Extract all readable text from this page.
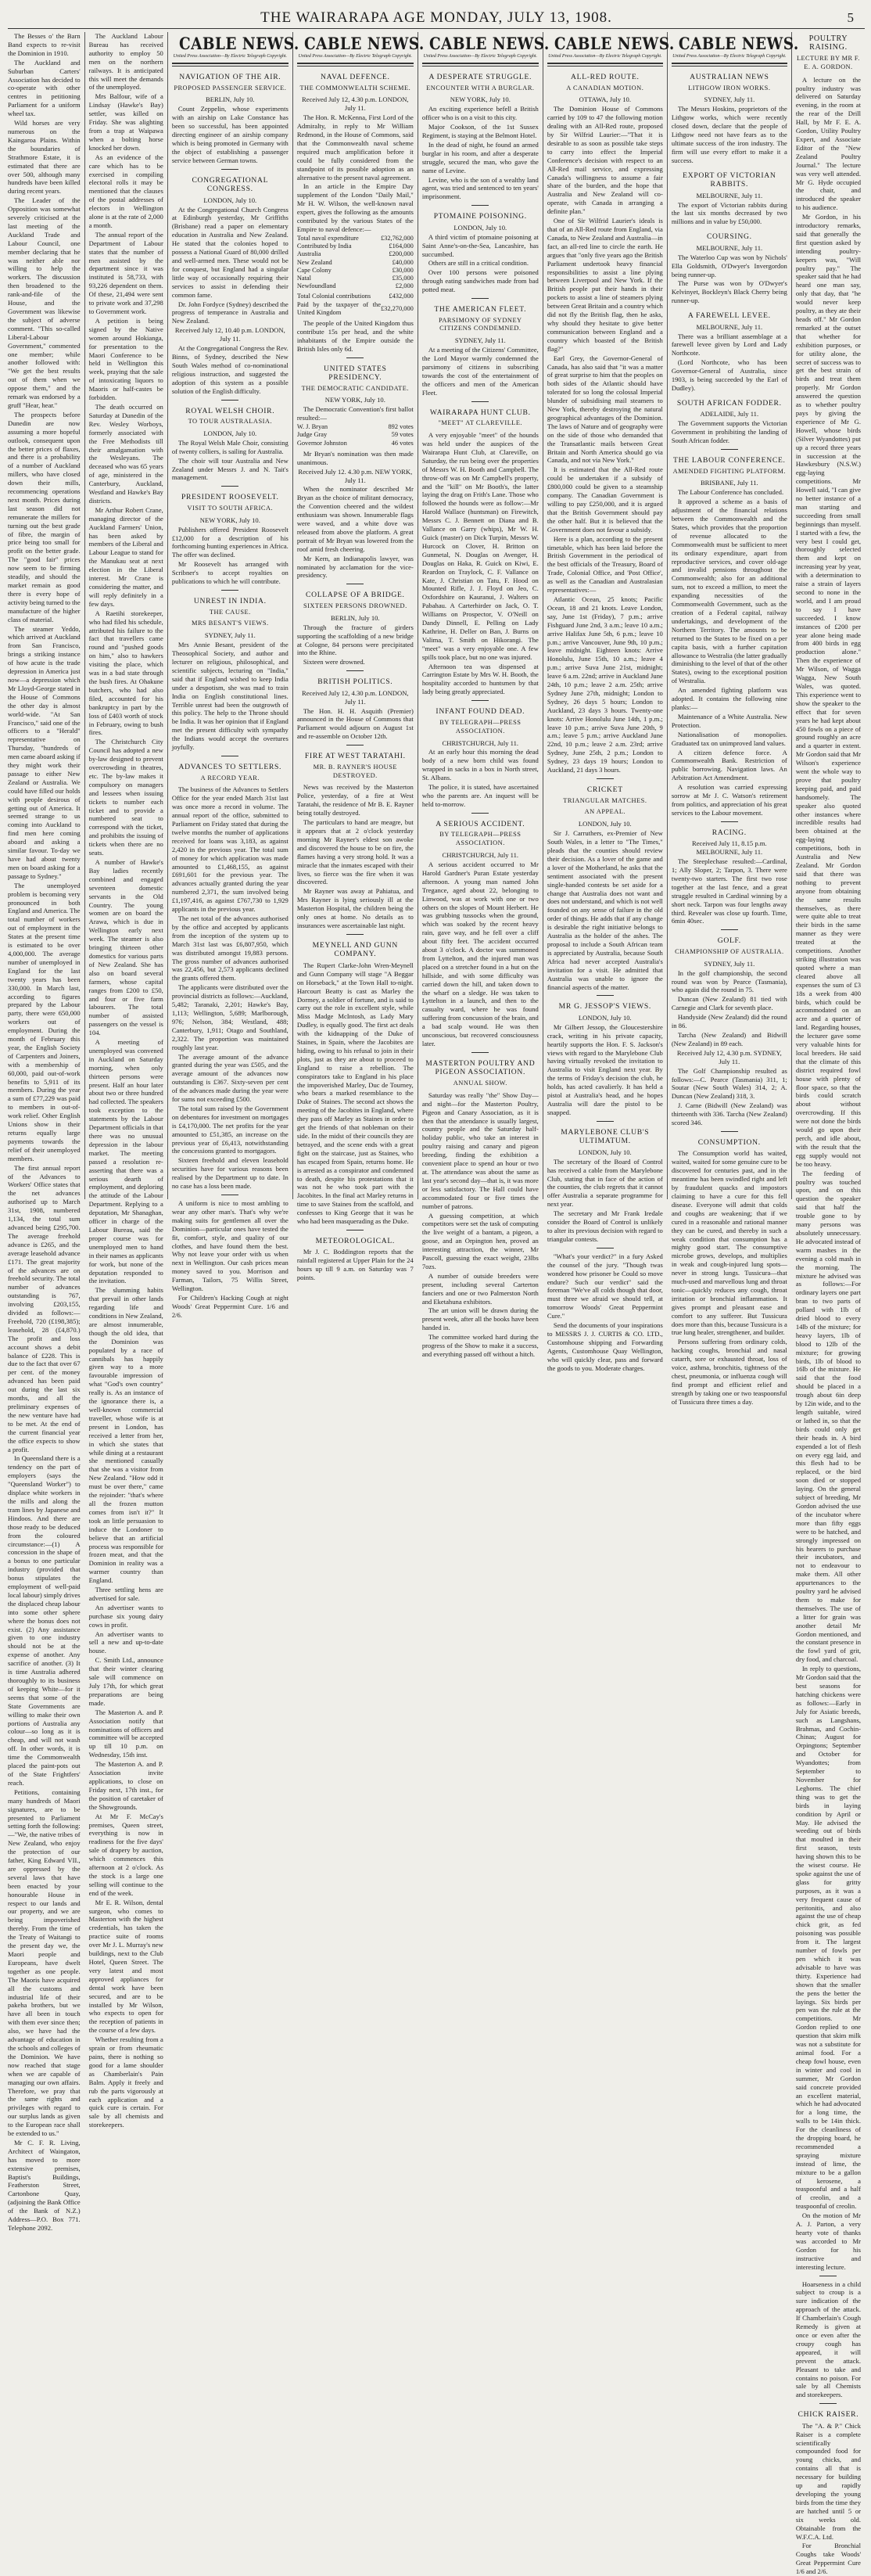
THE WAIRARAPA AGE MONDAY, JULY 13, 1908.	5

The Besses o' the Barn Band expects to re-visit the Dominion in 1910.

The Auckland and Suburban Carters' Association has decided to co-operate with other centres in petitioning Parliament for a uniform wheel tax.

Wild horses are very numerous on the Kaingaroa Plains. Within the boundaries of Strathmore Estate, it is estimated that there are over 500, although many hundreds have been killed during recent years.

The Leader of the Opposition was somewhat severely criticised at the last meeting of the Auckland Trade and Labour Council, one member declaring that he was neither able nor willing to help the workers. The discussion then broadened to the rank-and-file of the House, and the Government was likewise the subject of adverse comment. "This so-called Liberal-Labour Government," commented one member; while another followed with: "We get the best results out of them when we oppose them," and the remark was endorsed by a gruff "Hear, hear."

The prospects before Dunedin are now assuming a more hopeful outlook, consequent upon the better prices of flaxes, and there is a probability of a number of Auckland millers, who have closed down their mills, recommencing operations next month. Prices during last season did not remunerate the millers for turning out the best grade of fibre, the margin of price being too small for profit on the better grade. The "good fair" prices now seem to be firming steadily, and should the market remain as good there is every hope of activity being turned to the manufacture of the higher class of material.

The steamer Yeddo, which arrived at Auckland from San Francisco, brings a striking instance of how acute is the trade depression in America just now—a depression which Mr Lloyd-George stated in the House of Commons the other day is almost world-wide. "At San Francisco," said one of the officers to a "Herald" representative on Thursday, "hundreds of men came aboard asking if they might work their passage to either New Zealand or Australia. We could have filled our holds with people desirous of getting out of America. It seemed strange to us coming into Auckland to find men here coming aboard and asking a similar favour. To-day we have had about twenty men on board asking for a passage to Sydney."

The unemployed problem is becoming very pronounced in both England and America. The total number of workers out of employment in the States at the present time is estimated to be over 4,000,000. The average number of unemployed in England for the last twenty years has been 330,000. In March last, according to figures prepared by the Labour party, there were 650,000 workers out of employment. During the month of February this year, the English Society of Carpenters and Joiners, with a membership of 60,000, paid out-of-work benefits to 5,911 of its members. During the year a sum of £77,229 was paid to members in out-of-work relief. Other English Unions show in their returns equally large payments towards the relief of their unemployed members.

The first annual report of the Advances to Workers' Office states that the net advances authorised up to March 31st, 1908, numbered 1,134, the total sum advanced being £295,700. The average freehold advance is £265, and the average leasehold advance £171. The great majority of the advances are on freehold security. The total number of advances outstanding is 767, involving £203,155, divided as follows:—Freehold, 720 (£198,385); leasehold, 28 (£4,870.) The profit and loss account shows a debit balance of £228. This is due to the fact that over 67 per cent. of the money advanced has been paid out during the last six months, and all the preliminary expenses of the new venture have had to be met. At the end of the current financial year the office expects to show a profit.

In Queensland there is a tendency on the part of employers (says the "Queensland Worker") to displace white workers in the mills and along the tram lines by Japanese and Hindoos. And there are those ready to be deduced from the coloured circumstance:—(1) A concession in the shape of a bonus to one particular industry (provided that bonus stipulates the employment of well-paid local labour) simply drives the displaced cheap labour into some other sphere where the bonus does not exist. (2) Any assistance given to one industry should not be at the expense of another. Any sacrifice of another. (3) It is time Australia adhered thoroughly to its business of keeping White—for it seems that some of the State Governments are willing to make their own portions of Australia any colour—so long as it is cheap, and will not wash off. In other words, it is time the Commonwealth placed the paint-pots out of the State Frightfers' reach.

Petitions, containing many hundreds of Maori signatures, are to be presented to Parliament setting forth the following:—"We, the native tribes of New Zealand, who enjoy the protection of our father, King Edward VII., are oppressed by the several laws that have been enacted by your honourable House in respect to our lands and our property, and we are being impoverished thereby. From the time of the Treaty of Waitangi to the present day we, the Maori people and Europeans, have dwelt together as one people. The Maoris have acquired all the customs and industrial life of their pakeha brothers, but we have all been in touch with them ever since then; also, we have had the advantage of education in the schools and colleges of the Dominion. We have now reached that stage when we are capable of managing our own affairs. Therefore, we pray that the same rights and privileges with regard to our surplus lands as given to the European race shall be extended to us."

Mr C. F. R. Living, Architect of Waingaton, has moved to more extensive premises, Baptist's Buildings, Featherston Street, Cartonbone Quay, (adjoining the Bank Office of the Bank of N.Z.) Address—P.O. Box 771. Telephone 2092.

The Auckland Labour Bureau has received authority to employ 50 men on the northern railways. It is anticipated this will meet the demands of the unemployed.

Mrs Balfour, wife of a Lindsay (Hawke's Bay) settler, was killed on Friday. She was alighting from a trap at Waipawa when a bolting horse knocked her down.

As an evidence of the care which has to be exercised in compiling electoral rolls it may be mentioned that the clauses of the postal addresses of electors in Wellington alone is at the rate of 2,000 a month.

The annual report of the Department of Labour states that the number of men assisted by the department since it was instituted is 58,733, with 93,226 dependent on them. Of these, 21,494 were sent to private work and 37,298 to Government work.

A petition is being signed by the Native women around Hokianga, for presentation to the Maori Conference to be held in Wellington this week, praying that the sale of intoxicating liquors to Maoris or half-castes be forbidden.

The death occurred on Saturday at Dunedin of the Rev. Wesley Worboys, formerly associated with the Free Methodists till their amalgamation with the Wesleyans. The deceased who was 65 years of age, ministered in the Canterbury, Auckland, Westland and Hawke's Bay districts.

Mr Arthur Robert Crane, managing director of the Auckland Farmers' Union, has been asked by members of the Liberal and Labour League to stand for the Manukau seat at next election in the Liberal interest. Mr Crane is considering the matter, and will reply definitely in a few days.

A Raetihi storekeeper, who had filed his schedule, attributed his failure to the fact that travellers came round and "pushed goods on him," also to hawkers visiting the place, which was in a bad state through the bush fires. At Ohakune butchers, who had also filed, accounted for his bankruptcy in part by the loss of £403 worth of stock in February, owing to bush fires.

The Christchurch City Council has adopted a new by-law designed to prevent overcrowding in theatres, etc. The by-law makes it compulsory on managers and lessees when issuing tickets to number each ticket and to provide a numbered seat to correspond with the ticket, and prohibits the issuing of tickets when there are no seats.

A number of Hawke's Bay ladies recently combined and engaged seventeen domestic servants in the Old Country. The young women are on board the Arawa, which is due in Wellington early next week. The steamer is also bringing thirteen other domestics for various parts of New Zealand. She has also on board several farmers, whose capital ranges from £200 to £50, and four or five farm labourers. The total number of assisted passengers on the vessel is 104.

A meeting of unemployed was convened in Auckland on Saturday morning, when only thirteen persons were present. Half an hour later about two or three hundred had collected. The speakers took exception to the statements by the Labour Department officials in that there was no unusual depression in the labour market. The meeting passed a resolution re-asserting that there was a serious dearth of employment, and deploring the attitude of the Labour Department. Replying to a deputation, Mr Shanaghan, officer in charge of the Labour Bureau, said the proper course was for unemployed men to hand in their names as applicants for work, but none of the deputation responded to the invitation.

The slumming habits that prevail in other lands regarding life and conditions in New Zealand, are almost innumerable, though the old idea, that the Dominion was populated by a race of cannibals has happily given way to a more favourable impression of what "God's own country" really is. As an instance of the ignorance there is, a well-known commercial traveller, whose wife is at present in London, has received a letter from her, in which she states that while dining at a restaurant she mentioned casually that she was a visitor from New Zealand. "How odd it must be over there," came the rejoinder: "that's where all the frozen mutton comes from isn't it?" It took an little persuasion to induce the Londoner to believe that an artificial process was responsible for frozen meat, and that the Dominion in reality was a warmer country than England.

Three settling hens are advertised for sale.

An advertiser wants to purchase six young dairy cows in profit.

An advertiser wants to sell a new and up-to-date house.

C. Smith Ltd., announce that their winter clearing sale will commence on July 17th, for which great preparations are being made.

The Masterton A. and P. Association notify that nominations of officers and committee will be accepted up till 10 p.m. on Wednesday, 15th inst.

The Masterton A. and P. Association invite applications, to close on Friday next, 17th inst., for the position of caretaker of the Showgrounds.

At Mr F. McCay's premises, Queen street, everything is now in readiness for the five days' sale of drapery by auction, which commences this afternoon at 2 o'clock. As the stock is a large one selling will continue to the end of the week.

Mr E. R. Wilson, dental surgeon, who comes to Masterton with the highest credentials, has taken the practice suite of rooms over Mr J. L. Murray's new buildings, next to the Club Hotel, Queen Street. The very latest and most approved appliances for dental work have been secured, and are to be installed by Mr Wilson, who expects to open for the reception of patients in the course of a few days.

Whether resulting from a sprain or from rheumatic pains, there is nothing so good for a lame shoulder as Chamberlain's Pain Balm. Apply it freely and rub the parts vigorously at each application and a quick cure is certain. For sale by all chemists and storekeepers.

CABLE NEWS.
United Press Association—By Electric Telegraph Copyright.
NAVIGATION OF THE AIR.
PROPOSED PASSENGER SERVICE.

BERLIN, July 10.

Count Zeppelin, whose experiments with an airship on Lake Constance has been so successful, has been appointed directing engineer of an airship company which is being promoted in Germany with the object of establishing a passenger service between German towns.

CONGREGATIONAL CONGRESS.

LONDON, July 10.

At the Congregational Church Congress at Edinburgh yesterday, Mr Griffiths (Brisbane) read a paper on elementary education in Australia and New Zealand. He stated that the colonies hoped to possess a National Guard of 80,000 drilled and well-armed men. These would not be for conquest, but England had a singular little way of occasionally requiring their services to assist in defending their common fame.

Dr. John Fordyce (Sydney) described the progress of temperance in Australia and New Zealand.

Received July 12, 10.40 p.m. LONDON, July 11.

At the Congregational Congress the Rev. Binns, of Sydney, described the New South Wales method of co-nominational religious instruction, and suggested the adoption of this system as a possible solution of the English difficulty.

ROYAL WELSH CHOIR.
TO TOUR AUSTRALASIA.

LONDON, July 10.

The Royal Welsh Male Choir, consisting of twenty colliers, is sailing for Australia.

The choir will tour Australia and New Zealand under Messrs J. and N. Tait's management.

PRESIDENT ROOSEVELT.
VISIT TO SOUTH AFRICA.

NEW YORK, July 10.

Publishers offered President Roosevelt £12,000 for a description of his forthcoming hunting experiences in Africa. The offer was declined.

Mr Roosevelt has arranged with Scribner's to accept royalties on publications to which he will contribute.

UNREST IN INDIA.
THE CAUSE.
MRS BESANT'S VIEWS.

SYDNEY, July 11.

Mrs Annie Besant, president of the Theosophical Society, and author and lecturer on religious, philosophical, and scientific subjects, lecturing on "India," said that if England wished to keep India under a despotism, she was mad to train India on English constitutional lines. Terrible unrest had been the outgrowth of this policy. The help to the Throne should be India. It was her opinion that if England met the present difficulty with sympathy the Indians would accept the overtures joyfully.

ADVANCES TO SETTLERS.
A RECORD YEAR.

The business of the Advances to Settlers Office for the year ended March 31st last was once more a record in volume. The annual report of the office, submitted to Parliament on Friday stated that during the twelve months the number of applications received for loans was 3,183, as against 2,420 in the previous year. The total sum of money for which application was made amounted to £1,468,155, as against £691,601 for the previous year. The advances actually granted during the year numbered 2,371, the sum involved being £1,197,416, as against £767,730 to 1,929 applicants in the previous year.

The net total of the advances authorised by the office and accepted by applicants from the inception of the system up to March 31st last was £6,807,950, which was distributed amongst 19,883 persons. The gross number of advances authorised was 22,456, but 2,573 applicants declined the grants offered them.

The applicants were distributed over the provincial districts as follows:—Auckland, 5,482; Taranaki, 2,201; Hawke's Bay, 1,113; Wellington, 5,689; Marlborough, 976; Nelson, 384; Westland, 488; Canterbury, 1,911; Otago and Southland, 2,322. The proportion was maintained roughly last year.

The average amount of the advance granted during the year was £505, and the average amount of the advances now outstanding is £367. Sixty-seven per cent of the advances made during the year were for sums not exceeding £500.

The total sum raised by the Government on debentures for investment on mortgages is £4,170,000. The net profits for the year amounted to £51,385, an increase on the previous year of £6,413, notwithstanding the concessions granted to mortgagors.

Sixteen freehold and eleven leasehold securities have for various reasons been realised by the Department up to date. In no case has a loss been made.

A uniform is nice to most ambling to wear any other man's. That's why we're making suits for gentlemen all over the Dominion—particular ones have tested the fit, comfort, style, and quality of our clothes, and have found them the best. Why not leave your order with us when next in Wellington. Our cash prices mean money saved to you. Morrison and Farman, Tailors, 75 Willis Street, Wellington.

For Children's Hacking Cough at night Woods' Great Peppermint Cure. 1/6 and 2/6.

CABLE NEWS.
United Press Association—By Electric Telegraph Copyright.
NAVAL DEFENCE.
THE COMMONWEALTH SCHEME.

Received July 12, 4.30 p.m. LONDON, July 11.

The Hon. R. McKenna, First Lord of the Admiralty, in reply to Mr William Redmond, in the House of Commons, said that the Commonwealth naval scheme required much amplification before it could be fully considered from the standpoint of its possible adoption as an alternative to the present naval agreement.

In an article in the Empire Day supplement of the London "Daily Mail," Mr H. W. Wilson, the well-known naval expert, gives the following as the amounts contributed by the various States of the Empire to naval defence:—

Total naval expenditure	£32,762,000
Contributed by India	£164,000
Australia	£200,000
New Zealand	£40,000
Cape Colony	£30,000
Natal	£35,000
Newfoundland	£2,000
Total Colonial contributions	£432,000
Paid by the taxpayer of the United Kingdom	£32,270,000

The people of the United Kingdom thus contribute 15s per head, and the white inhabitants of the Empire outside the British Isles only 6d.

UNITED STATES PRESIDENCY.
THE DEMOCRATIC CANDIDATE.

NEW YORK, July 10.

The Democratic Convention's first ballot resulted:—

W. J. Bryan	892 votes
Judge Gray	59 votes
Governor Johnston	46 votes

Mr Bryan's nomination was then made unanimous.

Received July 12. 4.30 p.m. NEW YORK, July 11.

When the nominator described Mr Bryan as the choice of militant democracy, the Convention cheered and the wildest enthusiasm was shown. Innumerable flags were waved, and a white dove was released from above the platform. A great portrait of Mr Bryan was lowered from the roof amid fresh cheering.

Mr Kern, an Indianapolis lawyer, was nominated by acclamation for the vice-presidency.

COLLAPSE OF A BRIDGE.
SIXTEEN PERSONS DROWNED.

BERLIN, July 10.

Through the fracture of girders supporting the scaffolding of a new bridge at Cologne, 84 persons were precipitated into the Rhine.

Sixteen were drowned.

BRITISH POLITICS.

Received July 12, 4.30 p.m. LONDON, July 11.

The Hon. H. H. Asquith (Premier) announced in the House of Commons that Parliament would adjourn on August 1st and re-assemble on October 12th.

FIRE AT WEST TARATAHI.
MR. B. RAYNER'S HOUSE DESTROYED.

News was received by the Masterton Police, yesterday, of a fire at West Taratahi, the residence of Mr B. E. Rayner being totally destroyed.

The particulars to hand are meagre, but it appears that at 2 o'clock yesterday morning Mr Rayner's eldest son awoke and discovered the house to be on fire, the flames having a very strong hold. It was a miracle that the inmates escaped with their lives, so fierce was the fire when it was discovered.

Mr Rayner was away at Pahiatua, and Mrs Rayner is lying seriously ill at the Masterton Hospital, the children being the only ones at home. No details as to insurances were ascertainable last night.

MEYNELL AND GUNN COMPANY.

The Rupert Clarke-John Wren-Meynell and Gunn Company will stage "A Beggar on Horseback," at the Town Hall to-night. Harcourt Beatty is cast as Marley the Dormey, a soldier of fortune, and is said to carry out the role in excellent style, while Miss Madge McIntosh, as Lady Mary Dudley, is equally good. The first act deals with the kidnapping of the Duke of Staines, in Spain, where the Jacobites are hiding, owing to his refusal to join in their plots, just as they are about to proceed to England to raise a rebellion. The conspirators take to England in his place the impoverished Marley, Duc de Tourney, who bears a marked resemblance to the Duke of Staines. The second act shows the meeting of the Jacobites in England, where they pass off Marley as Staines in order to get the friends of that nobleman on their side. In the midst of their councils they are betrayed, and the scene ends with a great fight on the staircase, just as Staines, who has escaped from Spain, returns home. He is arrested as a conspirator and condemned to death, despite his protestations that it was not he who took part with the Jacobites. In the final act Marley returns in time to save Staines from the scaffold, and confesses to King George that it was he who had been masquerading as the Duke.

METEOROLOGICAL.

Mr J. C. Boddington reports that the rainfall registered at Upper Plain for the 24 hours up till 9 a.m. on Saturday was 7 points.

CABLE NEWS.
United Press Association—By Electric Telegraph Copyright.
A DESPERATE STRUGGLE.
ENCOUNTER WITH A BURGLAR.

NEW YORK, July 10.

An exciting experience befell a British officer who is on a visit to this city.

Major Cookson, of the 1st Sussex Regiment, is staying at the Belmont Hotel.

In the dead of night, he found an armed burglar in his room, and after a desperate struggle, secured the man, who gave the name of Levine.

Levine, who is the son of a wealthy land agent, was tried and sentenced to ten years' imprisonment.

PTOMAINE POISONING.

LONDON, July 10.

A third victim of ptomaine poisoning at Saint Anne's-on-the-Sea, Lancashire, has succumbed.

Others are still in a critical condition.

Over 100 persons were poisoned through eating sandwiches made from bad potted meat.

THE AMERICAN FLEET.
PARSIMONY OF SYDNEY CITIZENS CONDEMNED.

SYDNEY, July 11.

At a meeting of the Citizens' Committee, the Lord Mayor warmly condemned the parsimony of citizens in subscribing towards the cost of the entertainment of the officers and men of the American Fleet.

WAIRARAPA HUNT CLUB.
"MEET" AT CLAREVILLE.

A very enjoyable "meet" of the hounds was held under the auspices of the Wairarapa Hunt Club, at Clareville, on Saturday, the run being over the properties of Messrs W. H. Booth and Campbell. The throw-off was on Mr Campbell's property, and the "kill" on Mr Booth's, the latter laying the drag on Frith's Lane. Those who followed the hounds were as follow:—Mr Harold Wallace (huntsman) on Firewitch, Messrs C. J. Bennett on Diana and B. Vallance on Garry (whips), Mr W. H. Guick (master) on Dick Turpin, Messrs W. Hurcock on Clover, H. Britton on Gunmetal, N. Douglas on Avenger, H. Douglas on Haka, R. Guick on Kiwi, E. Reardon on Traylock, C. F. Vallance on Kate, J. Christian on Tatu, F. Hood on Mounted Rifle, J. J. Floyd on Jeo, C. Oxfordshire on Kauranui, J. Walters on Pabahau. A Carterhirder on Jack, O. T. Williams on Prospector, V. O'Neill on Dandy Dinnell, E. Pelling on Lady Kathrine, H. Deller on Ban, J. Burns on Valima, T. Smith on Hikorangi. The "meet" was a very enjoyable one. A few spills took place, but no one was injured.

Afternoon tea was dispensed at Carrington Estate by Mrs W. H. Booth, the hospitality accorded to huntsmen by that lady being greatly appreciated.

INFANT FOUND DEAD.
BY TELEGRAPH—PRESS ASSOCIATION.

CHRISTCHURCH, July 11.

At an early hour this morning the dead body of a new born child was found wrapped in sacks in a box in North street, St. Albans.

The police, it is stated, have ascertained who the parents are. An inquest will be held to-morrow.

A SERIOUS ACCIDENT.
BY TELEGRAPH—PRESS ASSOCIATION.

CHRISTCHURCH, July 11.

A serious accident occurred to Mr Harold Gardner's Puran Estate yesterday afternoon. A young man named John Tregance, aged about 22, belonging to Linwood, was at work with one or two others on the slopes of Mount Herbert. He was grubbing tussocks when the ground, which was soaked by the recent heavy rain, gave way, and he fell over a cliff about fifty feet. The accident occurred about 3 o'clock. A doctor was summoned from Lyttelton, and the injured man was placed on a stretcher found in a hut on the hillside, and with some difficulty was carried down the hill, and taken down to the wharf on a sledge. He was taken to Lyttelton in a launch, and then to the casualty ward, where he was found suffering from concussion of the brain, and a bad scalp wound. He was then unconscious, but recovered consciousness later.

MASTERTON POULTRY AND PIGEON ASSOCIATION.
ANNUAL SHOW.

Saturday was really "the" Show Day—and night—for the Masterton Poultry, Pigeon and Canary Association, as it is then that the attendance is usually largest, country people and the Saturday half-holiday public, who take an interest in poultry raising and canary and pigeon breeding, finding the exhibition a convenient place to spend an hour or two at. The attendance was about the same as last year's second day—that is, it was more or less satisfactory. The Hall could have accommodated four or five times the number of patrons.

A guessing competition, at which competitors were set the task of computing the live weight of a bantam, a pigeon, a goose, and an Orpington hen, proved an interesting attraction, the winner, Mr Pascoll, guessing the exact weight, 23lbs 7ozs.

A number of outside breeders were present, including several Carterton fanciers and one or two Palmerston North and Eketahuna exhibitors.

The art union will be drawn during the present week, after all the books have been handed in.

The committee worked hard during the progress of the Show to make it a success, and everything passed off without a hitch.

CABLE NEWS.
United Press Association—By Electric Telegraph Copyright.
ALL-RED ROUTE.
A CANADIAN MOTION.

OTTAWA, July 10.

The Dominion House of Commons carried by 109 to 47 the following motion dealing with an All-Red route, proposed by Sir Wilfrid Laurier:—"That it is desirable to as soon as possible take steps to carry into effect the Imperial Conference's decision with respect to an All-Red mail service, and expressing Canada's willingness to assume a fair share of the burden, and the hope that Australia and New Zealand will co-operate, with Canada in arranging a definite plan."

One of Sir Wilfrid Laurier's ideals is that of an All-Red route from England, via Canada, to New Zealand and Australia—in fact, an all-red line to circle the earth. He argues that "only five years ago the British Parliament undertook heavy financial responsibilities to assist a line plying between Liverpool and New York. If the British people put their hands in their pockets to assist a line of steamers plying between Great Britain and a country which did not fly the British flag, then he asks, why should they hesitate to give better communication between England and a country which boasted of the British flag?"

Earl Grey, the Governor-General of Canada, has also said that "it was a matter of great surprise to him that the peoples on both sides of the Atlantic should have tolerated for so long the colossal Imperial blunder of subsidising mail steamers to New York, thereby destroying the natural geographical advantages of the Dominion. The laws of Nature and of geography were on the side of those who demanded that the Transatlantic mails between Great Britain and North America should go via Canada, and not via New York."

It is estimated that the All-Red route could be undertaken if a subsidy of £800,000 could be given to a steamship company. The Canadian Government is willing to pay £250,000, and it is argued that the British Government should pay the other half. But it is believed that the Government does not favour a subsidy.

Here is a plan, according to the present timetable, which has been laid before the British Government in the periodical of the best officials of the Treasury, Board of Trade, Colonial Office, and 'Post Office', as well as the Canadian and Australasian representatives:—

Atlantic Ocean, 25 knots; Pacific Ocean, 18 and 21 knots. Leave London, say, June 1st (Friday), 7 p.m.; arrive Fishguard June 2nd, 3 a.m.; leave 10 a.m.; arrive Halifax June 5th, 6 p.m.; leave 10 p.m.; arrive Vancouver, June 9th, 10 p.m.; leave midnight. Eighteen knots: Arrive Honolulu, June 15th, 10 a.m.; leave 4 p.m.; arrive Suva June 21st, midnight; leave 6 a.m. 22nd; arrive in Auckland June 24th, 10 p.m.; leave 2 a.m. 25th; arrive Sydney June 27th, midnight; London to Sydney, 26 days 5 hours; London to Auckland, 23 days 3 hours. Twenty-one knots: Arrive Honolulu June 14th, 1 p.m.; leave 10 p.m.; arrive Suva June 20th, 9 a.m.; leave 5 p.m.; arrive Auckland June 22nd, 10 p.m.; leave 2 a.m. 23rd; arrive Sydney, June 25th, 2 p.m.; London to Sydney, 23 days 19 hours; London to Auckland, 21 days 3 hours.

CRICKET
TRIANGULAR MATCHES.
AN APPEAL.

LONDON, July 10.

Sir J. Carruthers, ex-Premier of New South Wales, in a letter to "The Times," pleads that the counties should review their decision. As a lover of the game and a lover of the Motherland, he asks that the sentiment associated with the present single-handed contests be set aside for a change that Australia does not want and does not understand, and which is not well founded on any sense of failure in the old order of things. He adds that if any change is desirable the right initiative belongs to Australia as the holder of the ashes. The proposal to include a South African team is appreciated by Australia, because South Africa had never accepted Australia's invitation for a visit. He admitted that Australia was unable to ignore the financial aspects of the matter.

MR G. JESSOP'S VIEWS.

LONDON, July 10.

Mr Gilbert Jessop, the Gloucestershire crack, writing in his private capacity, heartily supports the Hon. F. S. Jackson's views with regard to the Marylebone Club having virtually revoked the invitation to Australia to visit England next year. By the terms of Friday's decision the club, he holds, has acted cavalierly. It has held a pistol at Australia's head, and he hopes Australia will dare the pistol to be snapped.

MARYLEBONE CLUB'S ULTIMATUM.

LONDON, July 10.

The secretary of the Board of Control has received a cable from the Marylebone Club, stating that in face of the action of the counties, the club regrets that it cannot offer Australia a separate programme for next year.

The secretary and Mr Frank Iredale consider the Board of Control is unlikely to alter its previous decision with regard to triangular contests.

"What's your verdict?" in a fury Asked the counsel of the jury. "Though twas wondered how prisoner be Could so move endure? Such our verdict" said the foreman "We've all colds though that door, must three we afraid we should tell, at tomorrow Woods' Great Peppermint Cure."

Send the documents of your inspirations to MESSRS J. J. CURTIS & CO. LTD., Customhouse shipping and Forwarding Agents, Customhouse Quay Wellington, who will quickly clear, pass and forward the goods to you. Moderate charges.

CABLE NEWS.
United Press Association—By Electric Telegraph Copyright.
AUSTRALIAN NEWS
LITHGOW IRON WORKS.

SYDNEY, July 11.

The Messrs Hoskins, proprietors of the Lithgow works, which were recently closed down, declare that the people of Lithgow need not have fears as to the ultimate success of the iron industry. The firm will use every effort to make it a success.

EXPORT OF VICTORIAN RABBITS.

MELBOURNE, July 11.

The export of Victorian rabbits during the last six months decreased by two millions and in value by £50,000.

COURSING.

MELBOURNE, July 11.

The Waterloo Cup was won by Nichols' Ella Goldsmith, O'Dwyer's Invergordon being runner-up.

The Purse was won by O'Dwyer's Kelvinyet, Bockleyn's Black Cherry being runner-up.

A FAREWELL LEVEE.

MELBOURNE, July 11.

There was a brilliant assemblage at a farewell levee given by Lord and Lady Northcote.

(Lord Northcote, who has been Governor-General of Australia, since 1903, is being succeeded by the Earl of Dudley).

SOUTH AFRICAN FODDER.

ADELAIDE, July 11.

The Government supports the Victorian Government in prohibiting the landing of South African fodder.

THE LABOUR CONFERENCE.
AMENDED FIGHTING PLATFORM.

BRISBANE, July 11.

The Labour Conference has concluded.

It approved a scheme as a basis of adjustment of the financial relations between the Commonwealth and the States, which provides that the proportion of revenue allocated to the Commonwealth must be sufficient to meet its ordinary expenditure, apart from reproductive services, and cover old-age and invalid pensions throughout the Commonwealth; also for an additional sum, not to exceed a million, to meet the expanding necessities of the Commonwealth Government, such as the creation of a Federal capital, railway undertakings, and development of the Northern Territory. The amounts to be returned to the States to be fixed on a per capita basis, with a further capitation allowance to Westralia (the latter gradually diminishing to the level of that of the other States), owing to the exceptional position of Westralia.

An amended fighting platform was adopted. It contains the following nine planks:—

Maintenance of a White Australia. New Protection.

Nationalisation of monopolies. Graduated tax on unimproved land values.

A citizen defence force. A Commonwealth Bank. Restriction of public borrowing. Navigation laws. An Arbitration Act Amendment.

A resolution was carried expressing sorrow at Mr J. C. Watson's retirement from politics, and appreciation of his great services to the Labour movement.

RACING.

Received July 11, 8.15 p.m. MELBOURNE, July 11.

The Steeplechase resulted:—Cardinal, 1; Ally Sloper, 2; Tarpon, 3. There were twenty-two starters. The first two rose together at the last fence, and a great struggle resulted in Cardinal winning by a short neck. Tarpon was four lengths away third. Revealer was close up fourth. Time, 6min 40sec.

GOLF.
CHAMPIONSHIP OF AUSTRALIA.

SYDNEY, July 11.

In the golf championship, the second round was won by Pearce (Tasmania), who again did the round in 75.

Duncan (New Zealand) 81 tied with Carnegie and Clark for seventh place.

Handyside (New Zealand) did the round in 86.

Tarcha (New Zealand) and Bidwill (New Zealand) in 89 each.

Received July 12, 4.30 p.m. SYDNEY, July 11.

The Golf Championship resulted as follows:—C. Pearce (Tasmania) 311, 1; Soutar (New South Wales) 314, 2; A. Duncan (New Zealand) 318, 3.

J. Carne (Bidwill (New Zealand) was thirteenth with 336. Tarcha (New Zealand) scored 346.

CONSUMPTION.

The Consumption world has waited, waited, waited for some genuine cure to be discovered for centuries past, and in the meantime has been swindled right and left by fraudulent quacks and impostors claiming to have a cure for this fell disease. Everyone will admit that colds and coughs are weakening; that if we cured in a reasonable and rational manner they can be cured, and thereby in such a weak condition that consumption has a mighty good start. The consumptive microbe grows, develops, and multiplies in weak and cough-injured lung spots—never in strong lungs. Tussicura—that much-used and marvellous lung and throat tonic—quickly reduces any cough, throat irritation or bronchial inflammation. It gives prompt and pleasant ease and comfort to any sufferer. But Tussicura does more than this, because Tussicura is a true lung healer, strengthener, and builder.

Persons suffering from ordinary colds, hacking coughs, bronchial and nasal catarrh, sore or exhausted throat, loss of voice, asthma, bronchitis, tightness of the chest, pneumonia, or influenza cough will find prompt and efficient relief and strength by taking one or two teaspoonsful of Tussicura three times a day.

POULTRY RAISING.
LECTURE BY MR F. E. A. GORDON.

A lecture on the poultry industry was delivered on Saturday evening, in the room at the rear of the Drill Hall, by Mr F. E. A. Gordon, Utility Poultry Expert, and Associate Editor of the "New Zealand Poultry Journal." The lecture was very well attended. Mr G. Hyde occupied the chair, and introduced the speaker to his audience.

Mr Gordon, in his introductory remarks, said that generally the first question asked by intending poultry-keepers was, "Will poultry pay." The speaker said that he had heard one man say, only that day, that "he would never keep poultry, as they ate their heads off." Mr Gordon remarked at the outset that whether for exhibition purposes, or for utility alone, the secret of success was to get the best strain of birds and treat them properly. Mr Gordon answered the question as to whether poultry pays by giving the experience of Mr G. Howell, whose birds (Silver Wyandottes) put up a record three years in succession at the Hawkesbury (N.S.W.) egg-laying competitions. Mr Howell said, "I can give no better instance of a man starting and succeeding from small beginnings than myself. I started with a few, the very best I could get, thoroughly selected them and kept on increasing year by year, with a determination to raise a strain of layers second to none in the world, and I am proud to say I have succeeded. I know instances of £200 per year alone being made from 400 birds in egg production alone." Then the experience of Mr Wilson, of Wagga Wagga, New South Wales, was quoted. This experience went to show the speaker to the effect that for seven years he had kept about 450 fowls on a piece of ground roughly an acre and a quarter in extent. Mr Gordon said that Mr Wilson's experience went the whole way to prove that poultry keeping paid, and paid handsomely. The speaker also quoted other instances where incredible results had been obtained at the egg-laying competitions, both in Australia and New Zealand. Mr Gordon said that there was nothing to prevent anyone from obtaining the same results themselves, as there were quite able to treat their birds in the same manner as they were treated at the competitions. Another striking illustration was quoted where a man cleared above all expenses the sum of £3 18s a week from 400 birds, which could be accommodated on an acre and a quarter of land. Regarding houses, the lecturer gave some very valuable hints for local breeders. He said that the climate of this district required fowl house with plenty of floor space, so that the birds could scratch about without overcrowding. If this were not done the birds would go upon their perch, and idle about, with the result that the egg supply would not be too heavy.

The feeding of poultry was touched upon, and on this question the speaker said that half the trouble gone to by many persons was absolutely unnecessary. He advocated instead of warm mashes in the evening a cold mash in the morning. The mixture he advised was as follows:—For ordinary layers one part bran to two parts of pollard with 1lb of dried blood to every 14lb of the mixture; for heavy layers, 1lb of blood to 12lb of the mixture; for growing birds, 1lb of blood to 16lb of the mixture. He said that the food should be placed in a trough about 6in deep by 12in wide, and to the length suitable, wired or lathed in, so that the birds could only get their heads in. A bird expended a lot of flesh on every egg laid, and this flesh had to be replaced, or the bird soon died or stopped laying. On the general subject of breeding, Mr Gordon advised the use of the incubator where more than fifty eggs were to be hatched, and strongly impressed on his hearers to purchase their incubators, and not to endeavour to make them. All other appurtenances to the poultry yard he advised them to make for themselves. The use of a litter for grain was another detail Mr Gordon mentioned, and the constant presence in the fowl yard of grit, dry food, and charcoal.

In reply to questions, Mr Gordon said that the best seasons for hatching chickens were as follows:—Early in July for Asiatic breeds, such as Langshans, Brahmas, and Cochin-Chinas; August for Orpingtons; September and October for Wyandottes; from September to November for Leghorns. The chief thing was to get the birds in laying condition by April or May. He advised the weeding out of birds that moulted in their first season, tests having shown this to be the wisest course. He spoke against the use of glass for gritty purposes, as it was a very frequent cause of peritonitis, and also against the use of cheap chick grit, as fed poisoning was possible from it. The largest number of fowls per pen which it was advisable to have was thirty. Experience had shown that the smaller the pens the better the layings. Six birds per pen was the rule at the competitions. Mr Gordon replied to one question that skim milk was not a substitute for animal food. For a cheap fowl house, even in winter and cool in summer, Mr Gordon said concrete provided an excellent material, which he had advocated for a long time, the walls to be 14in thick. For the cleanliness of the dropping board, he recommended a spraying mixture instead of lime, the mixture to be a gallon of kerosene, a teaspoonful and a half of creolin, and a teaspoonful of creolin.

On the motion of Mr A. J. Parton, a very hearty vote of thanks was accorded to Mr Gordon for his instructive and interesting lecture.

Hoarseness in a child subject to croup is a sure indication of the approach of the attack. If Chamberlain's Cough Remedy is given at once or even after the croupy cough has appeared, it will prevent the attack. Pleasant to take and contains no poison. For sale by all Chemists and storekeepers.

CHICK RAISER.

The "A. & P." Chick Raiser is a complete scientifically compounded food for young chicks, and contains all that is necessary for building up and rapidly developing the young birds from the time they are hatched until 5 or six weeks old. Obtainable from the W.F.C.A. Ltd.

For Bronchial Coughs take Woods' Great Peppermint Cure 1/6 and 2/6.
